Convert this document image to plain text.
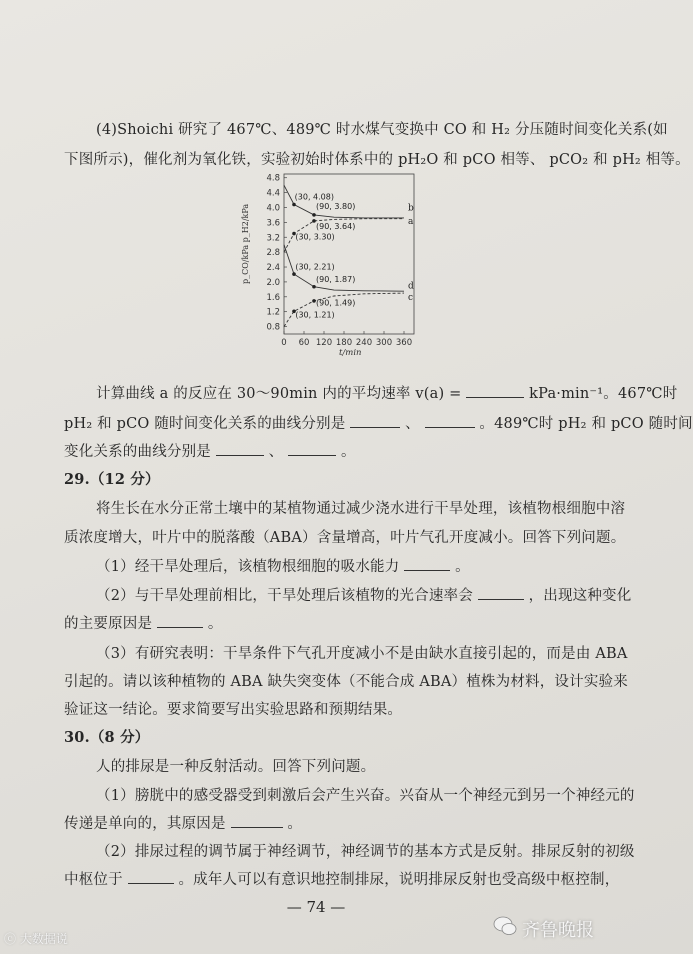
(4)Shoichi 研究了 467℃、489℃ 时水煤气变换中 CO 和 H₂ 分压随时间变化关系(如
下图所示)，催化剂为氧化铁，实验初始时体系中的 pH₂O 和 pCO 相等、 pCO₂ 和 pH₂ 相等。
0.8
1.2
1.6
2.0
2.4
2.8
3.2
3.6
4.0
4.4
4.8
0 60 120 180 240 300 360
t/min
p_CO/kPa p_H2/kPa	b
a
d
c
(30, 4.08)
(90, 3.80)
(90, 3.64)
(30, 3.30)
(30, 2.21)
(90, 1.87)
(90, 1.49)
(30, 1.21)
计算曲线 a 的反应在 30～90min 内的平均速率 v(a) =	kPa·min⁻¹。467℃时
pH₂ 和 pCO 随时间变化关系的曲线分别是	、	。489℃时 pH₂ 和 pCO 随时间
变化关系的曲线分别是	、	。
29.（12 分）
将生长在水分正常土壤中的某植物通过减少浇水进行干旱处理，该植物根细胞中溶
质浓度增大，叶片中的脱落酸（ABA）含量增高，叶片气孔开度减小。回答下列问题。
（1）经干旱处理后，该植物根细胞的吸水能力	。
（2）与干旱处理前相比，干旱处理后该植物的光合速率会	，出现这种变化
的主要原因是	。
（3）有研究表明：干旱条件下气孔开度减小不是由缺水直接引起的，而是由 ABA
引起的。请以该种植物的 ABA 缺失突变体（不能合成 ABA）植株为材料，设计实验来
验证这一结论。要求简要写出实验思路和预期结果。
30.（8 分）
人的排尿是一种反射活动。回答下列问题。
（1）膀胱中的感受器受到刺激后会产生兴奋。兴奋从一个神经元到另一个神经元的
传递是单向的，其原因是	。
（2）排尿过程的调节属于神经调节，神经调节的基本方式是反射。排尿反射的初级
中枢位于	。成年人可以有意识地控制排尿，说明排尿反射也受高级中枢控制，
— 74 —
ⓒ 大数据说	齐鲁晚报
